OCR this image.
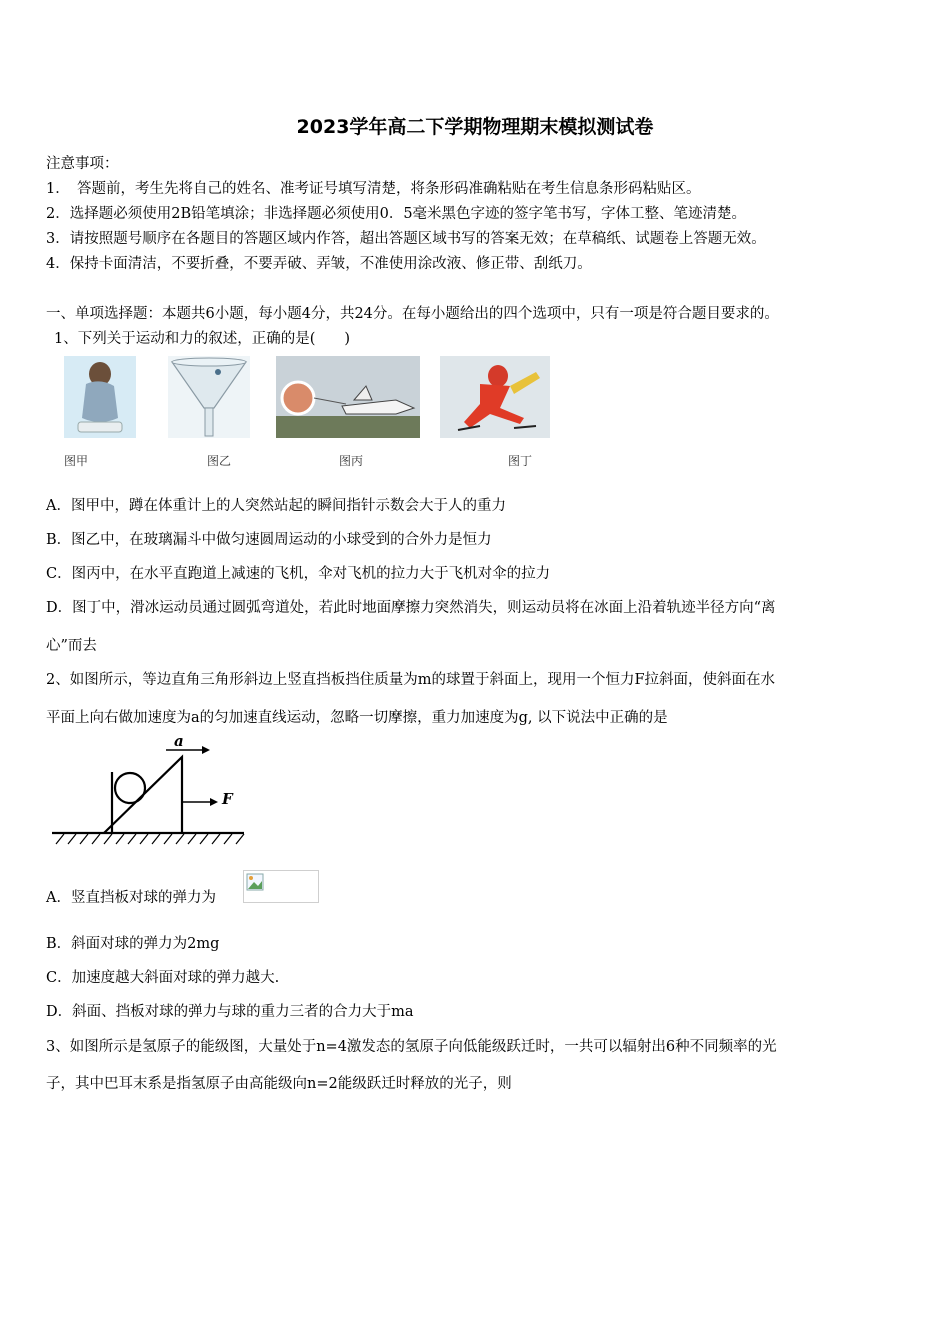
2023学年高二下学期物理期末模拟测试卷
注意事项：
1．　答题前，考生先将自己的姓名、准考证号填写清楚，将条形码准确粘贴在考生信息条形码粘贴区。
2．选择题必须使用2B铅笔填涂；非选择题必须使用0．5毫米黑色字迹的签字笔书写，字体工整、笔迹清楚。
3．请按照题号顺序在各题目的答题区域内作答，超出答题区域书写的答案无效；在草稿纸、试题卷上答题无效。
4．保持卡面清洁，不要折叠，不要弄破、弄皱，不准使用涂改液、修正带、刮纸刀。
一、单项选择题：本题共6小题，每小题4分，共24分。在每小题给出的四个选项中，只有一项是符合题目要求的。
1、下列关于运动和力的叙述，正确的是(　　)
图甲	图乙	图丙	图丁
A．图甲中，蹲在体重计上的人突然站起的瞬间指针示数会大于人的重力
B．图乙中，在玻璃漏斗中做匀速圆周运动的小球受到的合外力是恒力
C．图丙中，在水平直跑道上减速的飞机，伞对飞机的拉力大于飞机对伞的拉力
D．图丁中，滑冰运动员通过圆弧弯道处，若此时地面摩擦力突然消失，则运动员将在冰面上沿着轨迹半径方向“离
心”而去
2、如图所示，等边直角三角形斜边上竖直挡板挡住质量为m的球置于斜面上，现用一个恒力F拉斜面，使斜面在水
平面上向右做加速度为a的匀加速直线运动，忽略一切摩擦，重力加速度为g, 以下说法中正确的是
a
F
A．竖直挡板对球的弹力为
B．斜面对球的弹力为2mg
C．加速度越大斜面对球的弹力越大.
D．斜面、挡板对球的弹力与球的重力三者的合力大于ma
3、如图所示是氢原子的能级图，大量处于n=4激发态的氢原子向低能级跃迁时，一共可以辐射出6种不同频率的光
子，其中巴耳末系是指氢原子由高能级向n=2能级跃迁时释放的光子，则
